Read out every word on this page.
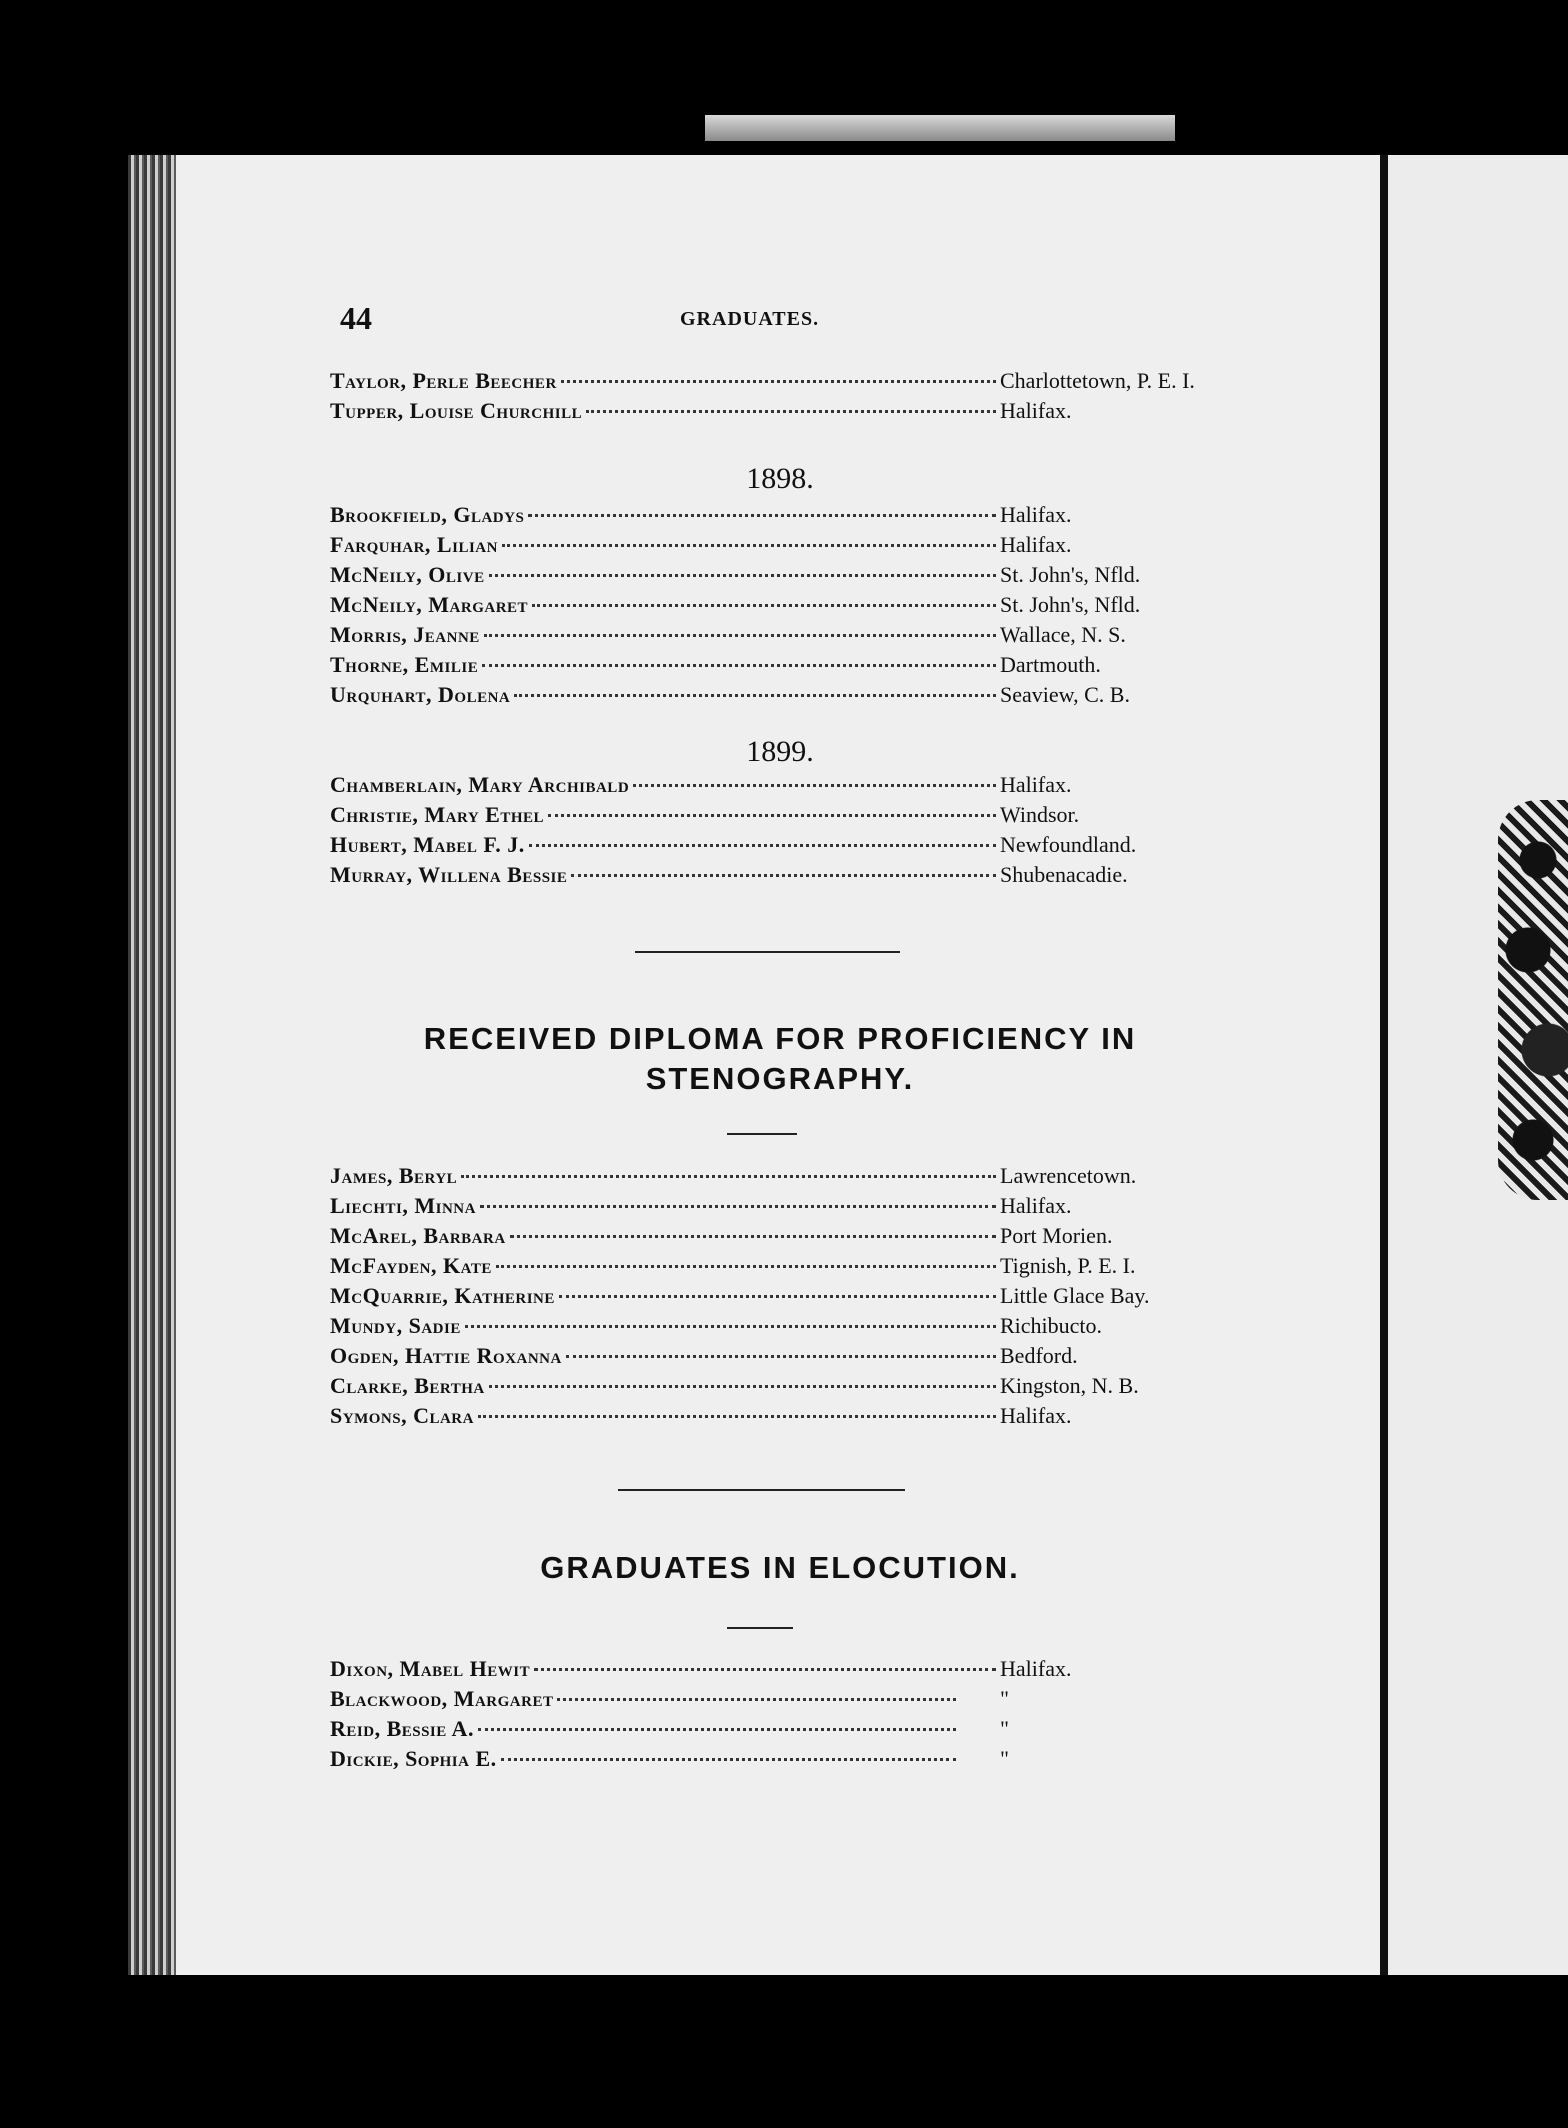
44	GRADUATES.
Taylor, Perle Beecher	Charlottetown, P. E. I.
Tupper, Louise Churchill	Halifax.
1898.
Brookfield, Gladys	Halifax.
Farquhar, Lilian	Halifax.
McNeily, Olive	St. John's, Nfld.
McNeily, Margaret	St. John's, Nfld.
Morris, Jeanne	Wallace, N. S.
Thorne, Emilie	Dartmouth.
Urquhart, Dolena	Seaview, C. B.
1899.
Chamberlain, Mary Archibald	Halifax.
Christie, Mary Ethel	Windsor.
Hubert, Mabel F. J.	Newfoundland.
Murray, Willena Bessie	Shubenacadie.
RECEIVED DIPLOMA FOR PROFICIENCY IN
STENOGRAPHY.
James, Beryl	Lawrencetown.
Liechti, Minna	Halifax.
McArel, Barbara	Port Morien.
McFayden, Kate	Tignish, P. E. I.
McQuarrie, Katherine	Little Glace Bay.
Mundy, Sadie	Richibucto.
Ogden, Hattie Roxanna	Bedford.
Clarke, Bertha	Kingston, N. B.
Symons, Clara	Halifax.
GRADUATES IN ELOCUTION.
Dixon, Mabel Hewit	Halifax.
Blackwood, Margaret	"
Reid, Bessie A.	"
Dickie, Sophia E.	"
